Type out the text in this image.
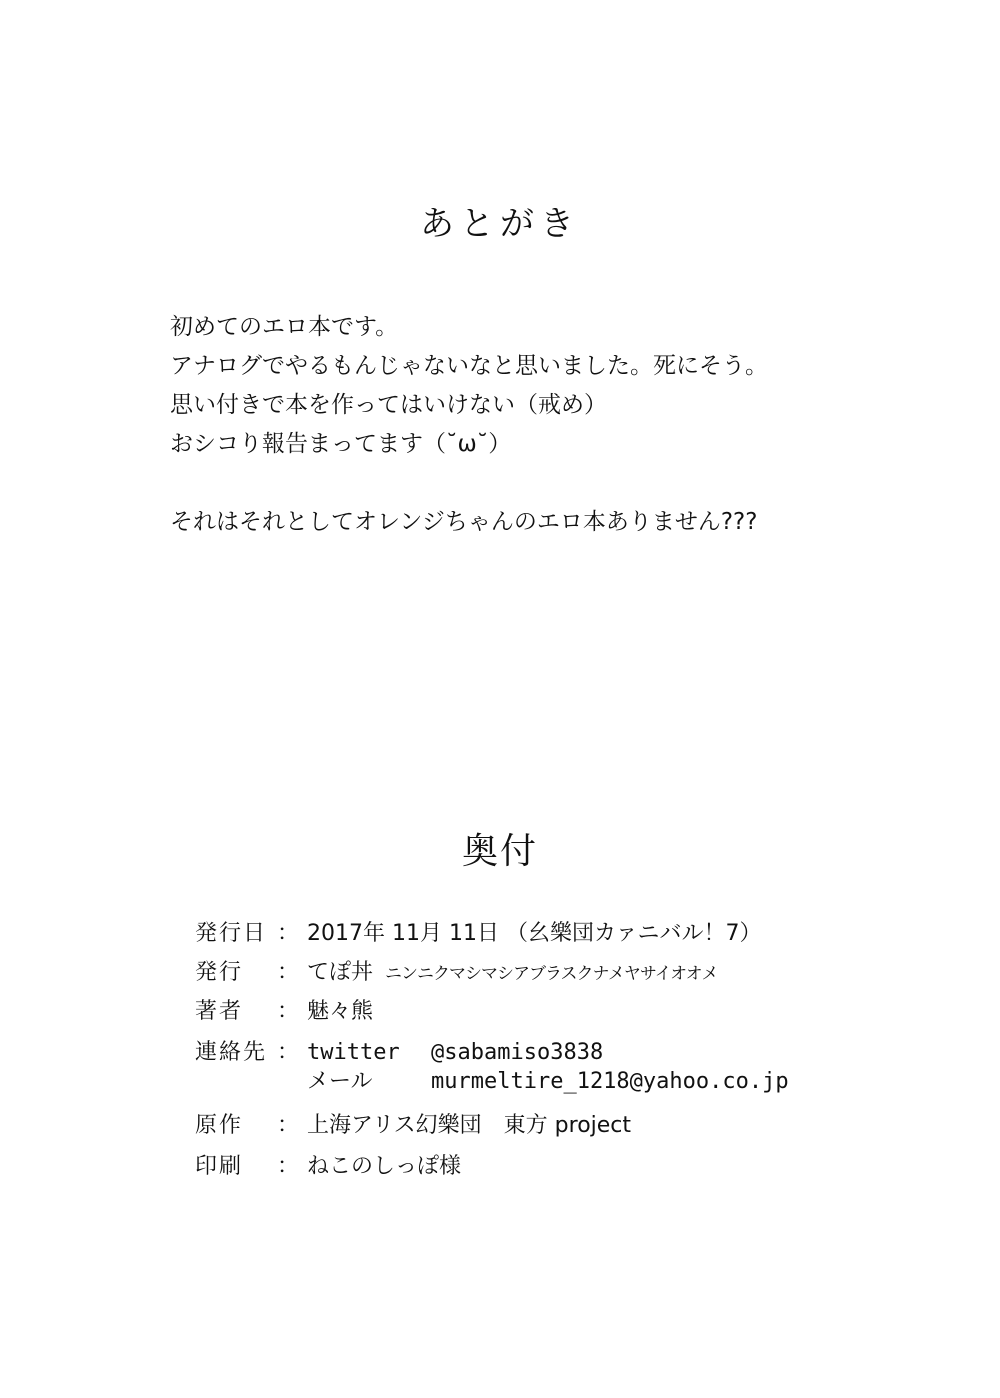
あとがき
初めてのエロ本です。
アナログでやるもんじゃないなと思いました。死にそう。
思い付きで本を作ってはいけない（戒め）
おシコり報告まってます（˘ω˘）
それはそれとしてオレンジちゃんのエロ本ありません???
奥付
発行日 ： 2017年 11月 11日 （幺樂団カァニバル！7）
発行 ： てぽ丼 ニンニクマシマシアブラスクナメヤサイオオメ
著者 ： 魅々熊
連絡先 ： twitter @sabamiso3838
メール	murmeltire_1218@yahoo.co.jp
原作 ： 上海アリス幻樂団　東方 project
印刷 ： ねこのしっぽ様
